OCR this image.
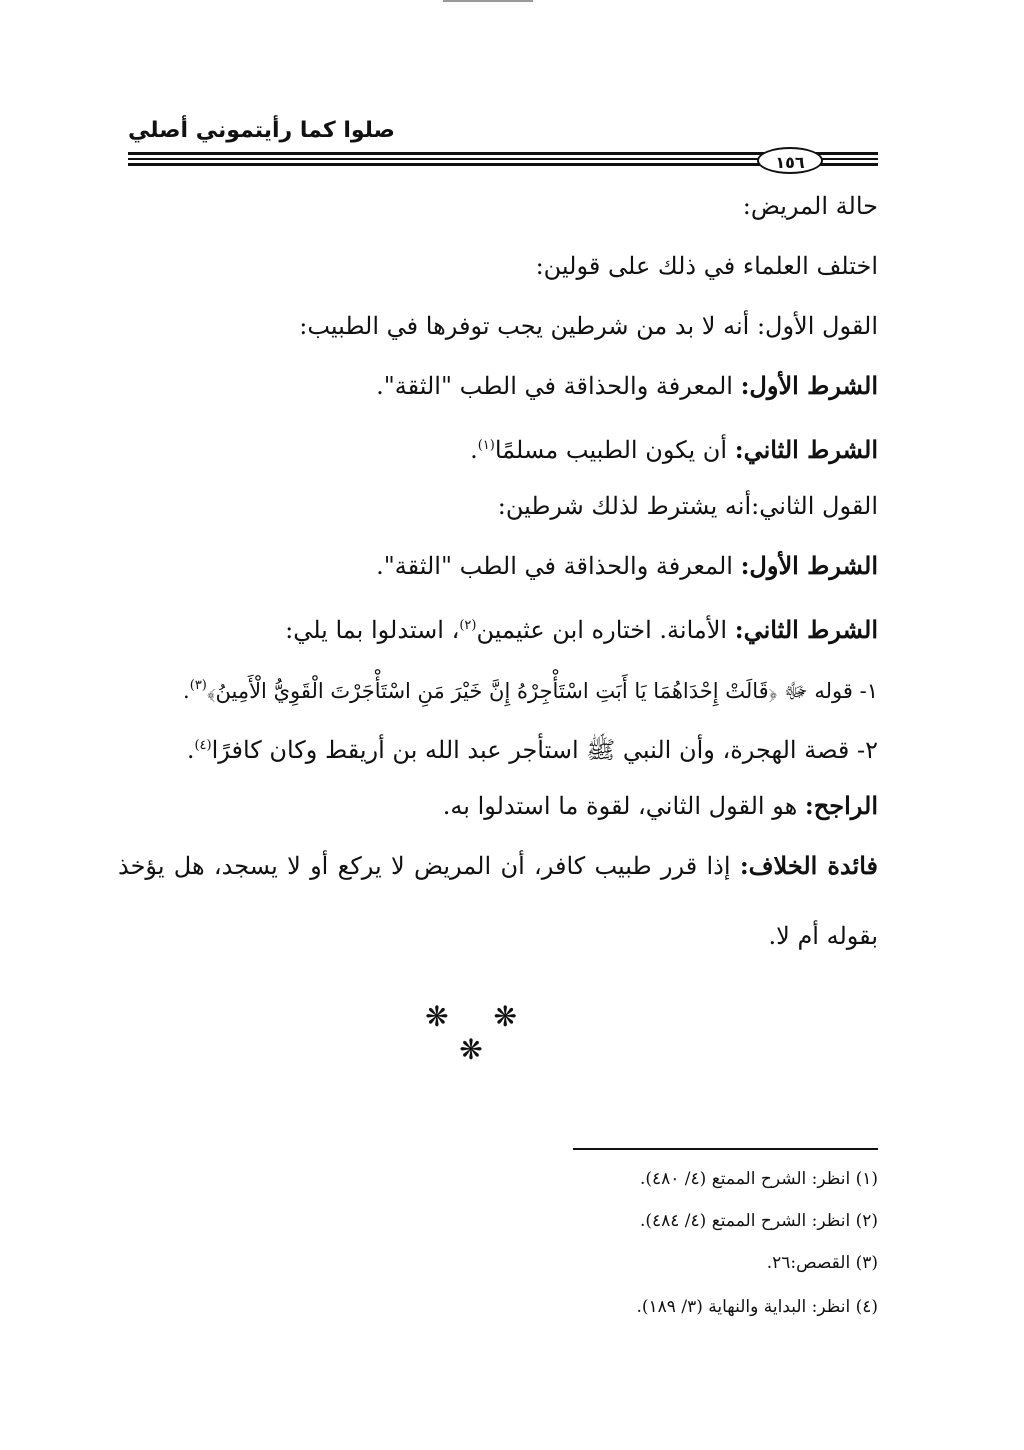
صلوا كما رأيتموني أصلي
١٥٦
حالة المريض:
اختلف العلماء في ذلك على قولين:
القول الأول: أنه لا بد من شرطين يجب توفرها في الطبيب:
الشرط الأول: المعرفة والحذاقة في الطب "الثقة".
الشرط الثاني: أن يكون الطبيب مسلمًا$^{(١)}$.
القول الثاني:أنه يشترط لذلك شرطين:
الشرط الأول: المعرفة والحذاقة في الطب "الثقة".
الشرط الثاني: الأمانة. اختاره ابن عثيمين$^{(٢)}$، استدلوا بما يلي:
١- قوله ﷻ ﴿قَالَتْ إِحْدَاهُمَا يَا أَبَتِ اسْتَأْجِرْهُ إِنَّ خَيْرَ مَنِ اسْتَأْجَرْتَ الْقَوِيُّ الْأَمِينُ﴾$^{(٣)}$.
٢- قصة الهجرة، وأن النبي ﷺ استأجر عبد الله بن أريقط وكان كافرًا$^{(٤)}$.
الراجح: هو القول الثاني، لقوة ما استدلوا به.
فائدة الخلاف: إذا قرر طبيب كافر، أن المريض لا يركع أو لا يسجد، هل يؤخذ
بقوله أم لا.
❋ ❋ ❋
(١) انظر: الشرح الممتع (٤/ ٤٨٠).
(٢) انظر: الشرح الممتع (٤/ ٤٨٤).
(٣) القصص:٢٦.
(٤) انظر: البداية والنهاية (٣/ ١٨٩).
